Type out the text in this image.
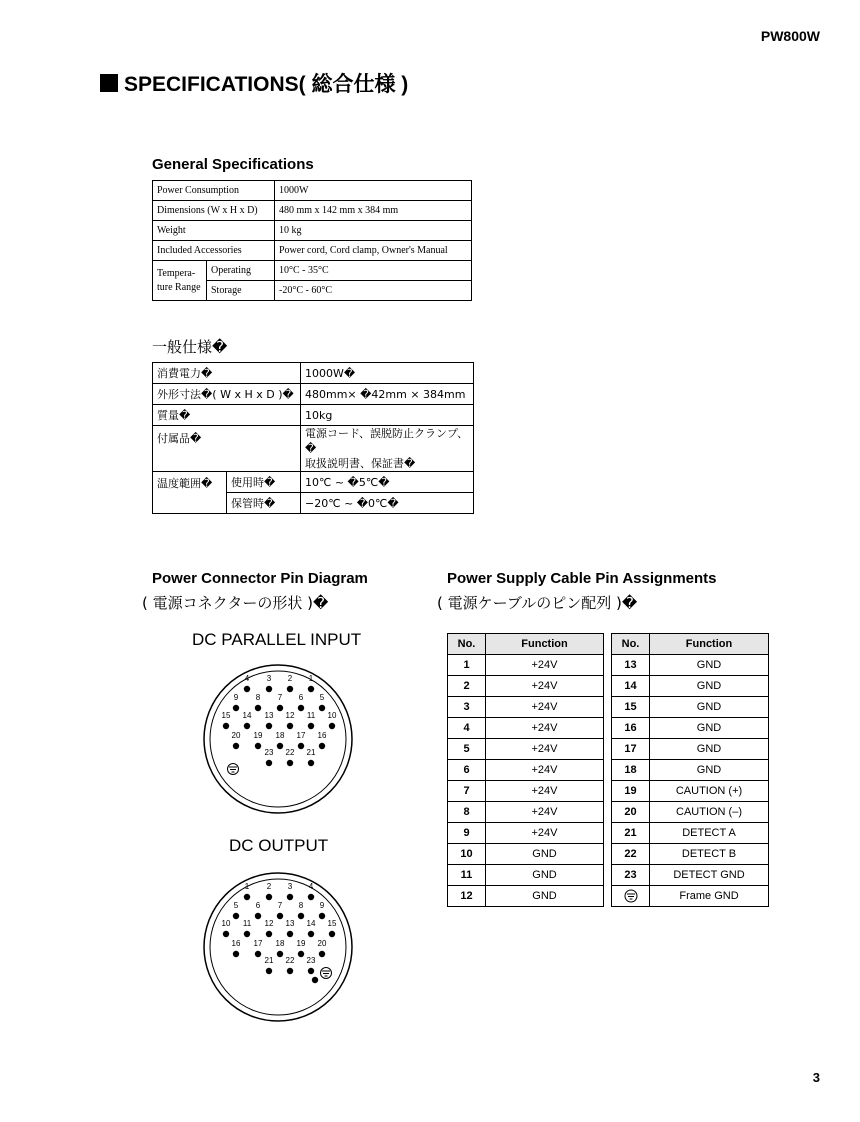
PW800W
SPECIFICATIONS( 総合仕様 )
General Specifications
Power Consumption		1000W
Dimensions (W x H x D)		480 mm x 142 mm x 384 mm
Weight		10 kg
Included Accessories		Power cord, Cord clamp, Owner's Manual
Tempera-
ture Range	Operating	10°C - 35°C
	Storage	-20°C - 60°C
一般仕様�
消費電力�		1000W�
外形寸法�( W x H x D )�		480mm× �42mm × 384mm
質量�		10kg
付属品�		電源コード、誤脱防止クランプ、�
取扱説明書、保証書�
温度範囲�	使用時�	10℃ ~ �5℃�
	保管時�	−20℃ ~ �0℃�
Power Connector Pin Diagram
( 電源コネクターの形状 )�
DC PARALLEL INPUT
DC OUTPUT
4 3 2 1
9 8 7 6 5
15 14 13 12 11 10
20 19 18 17 16
23 22 21
1 2 3 4
5 6 7 8 9
10 11 12 13 14 15
16 17 18 19 20
21 22 23
Power Supply Cable Pin Assignments
( 電源ケーブルのピン配列 )�
No.	Function
1	+24V
2	+24V
3	+24V
4	+24V
5	+24V
6	+24V
7	+24V
8	+24V
9	+24V
10	GND
11	GND
12	GND
No.	Function
13	GND
14	GND
15	GND
16	GND
17	GND
18	GND
19	CAUTION (+)
20	CAUTION (–)
21	DETECT A
22	DETECT B
23	DETECT GND
	Frame GND
3
